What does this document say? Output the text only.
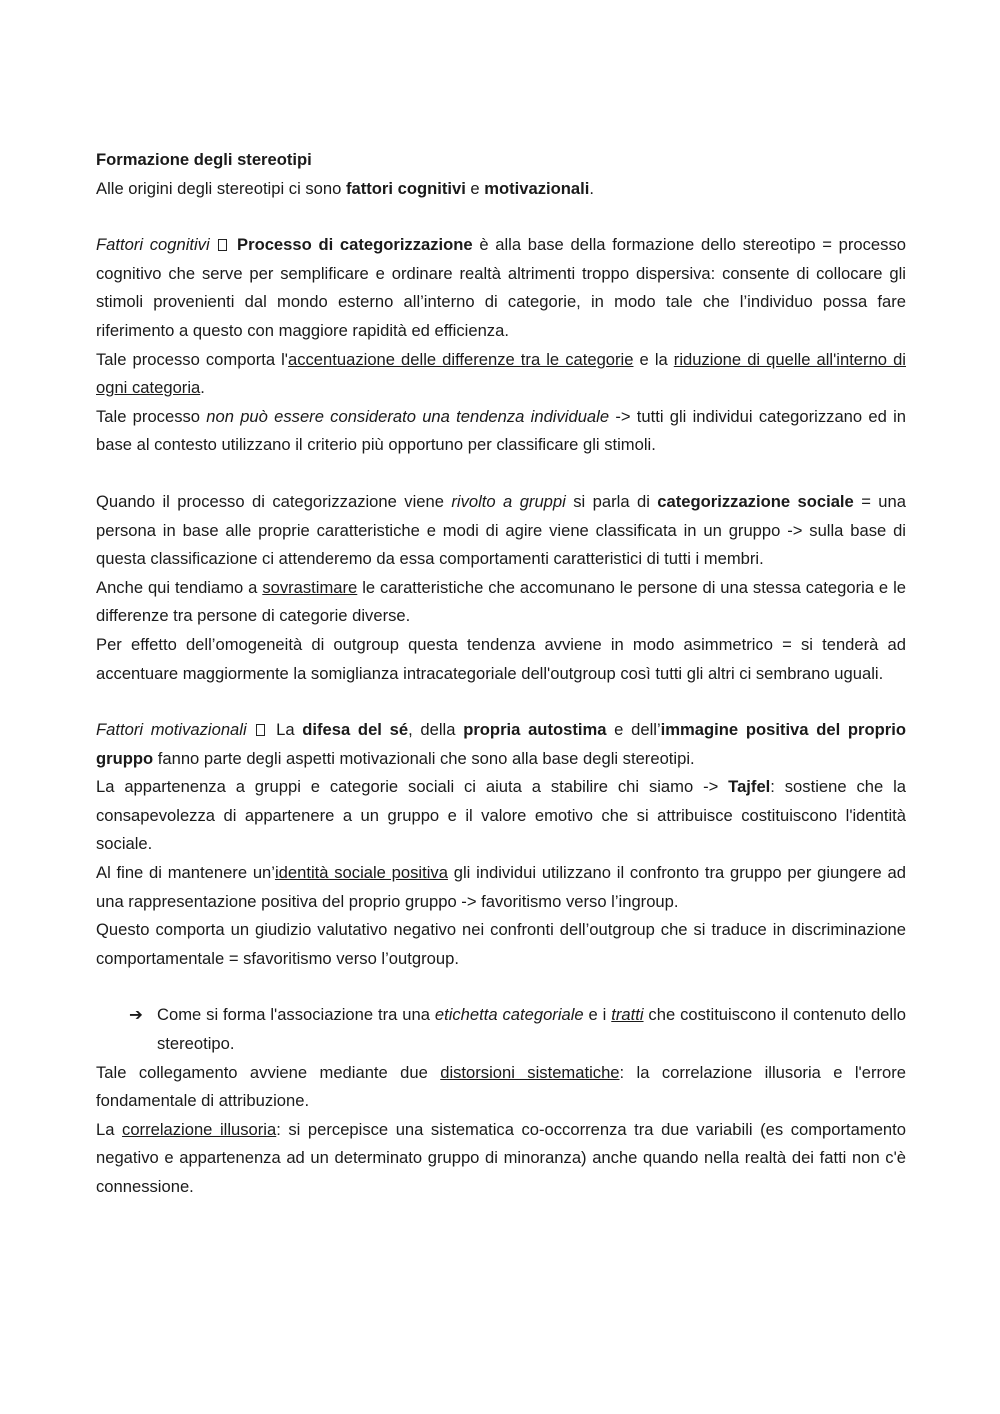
Formazione degli stereotipi

Alle origini degli stereotipi ci sono fattori cognitivi e motivazionali.

Fattori cognitivi Processo di categorizzazione è alla base della formazione dello stereotipo = processo cognitivo che serve per semplificare e ordinare realtà altrimenti troppo dispersiva: consente di collocare gli stimoli provenienti dal mondo esterno all’interno di categorie, in modo tale che l’individuo possa fare riferimento a questo con maggiore rapidità ed efficienza.

Tale processo comporta l'accentuazione delle differenze tra le categorie e la riduzione di quelle all'interno di ogni categoria.

Tale processo non può essere considerato una tendenza individuale -> tutti gli individui categorizzano ed in base al contesto utilizzano il criterio più opportuno per classificare gli stimoli.

Quando il processo di categorizzazione viene rivolto a gruppi si parla di categorizzazione sociale = una persona in base alle proprie caratteristiche e modi di agire viene classificata in un gruppo -> sulla base di questa classificazione ci attenderemo da essa comportamenti caratteristici di tutti i membri.

Anche qui tendiamo a sovrastimare le caratteristiche che accomunano le persone di una stessa categoria e le differenze tra persone di categorie diverse.

Per effetto dell’omogeneità di outgroup questa tendenza avviene in modo asimmetrico = si tenderà ad accentuare maggiormente la somiglianza intracategoriale dell'outgroup così tutti gli altri ci sembrano uguali.

Fattori motivazionali  La difesa del sé, della propria autostima e dell’immagine positiva del proprio gruppo fanno parte degli aspetti motivazionali che sono alla base degli stereotipi.

La appartenenza a gruppi e categorie sociali ci aiuta a stabilire chi siamo -> Tajfel: sostiene che la consapevolezza di appartenere a un gruppo e il valore emotivo che si attribuisce costituiscono l'identità sociale.

Al fine di mantenere un’identità sociale positiva gli individui utilizzano il confronto tra gruppo per giungere ad una rappresentazione positiva del proprio gruppo -> favoritismo verso l’ingroup.

Questo comporta un giudizio valutativo negativo nei confronti dell’outgroup che si traduce in discriminazione comportamentale = sfavoritismo verso l’outgroup.

➔ Come si forma l'associazione tra una etichetta categoriale e i tratti che costituiscono il contenuto dello stereotipo.

Tale collegamento avviene mediante due distorsioni sistematiche: la correlazione illusoria e l'errore fondamentale di attribuzione.

La correlazione illusoria: si percepisce una sistematica co-occorrenza tra due variabili (es comportamento negativo e appartenenza ad un determinato gruppo di minoranza) anche quando nella realtà dei fatti non c'è connessione.
